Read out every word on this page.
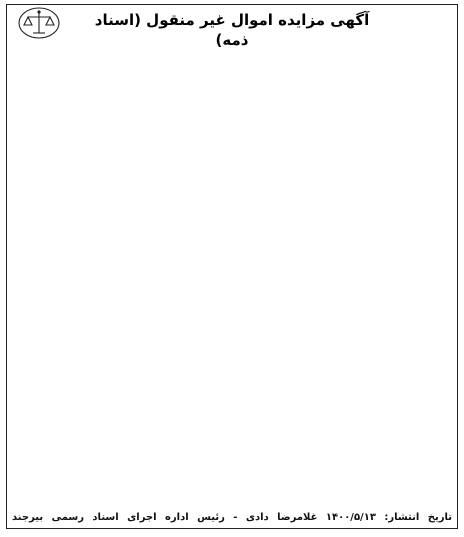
آگهی مزایده اموال غیر منقول (اسناد ذمه)
تاریخ انتشار: ۱۴۰۰/۵/۱۳ غلامرضا دادی - رئیس اداره اجرای اسناد رسمی بیرجند
